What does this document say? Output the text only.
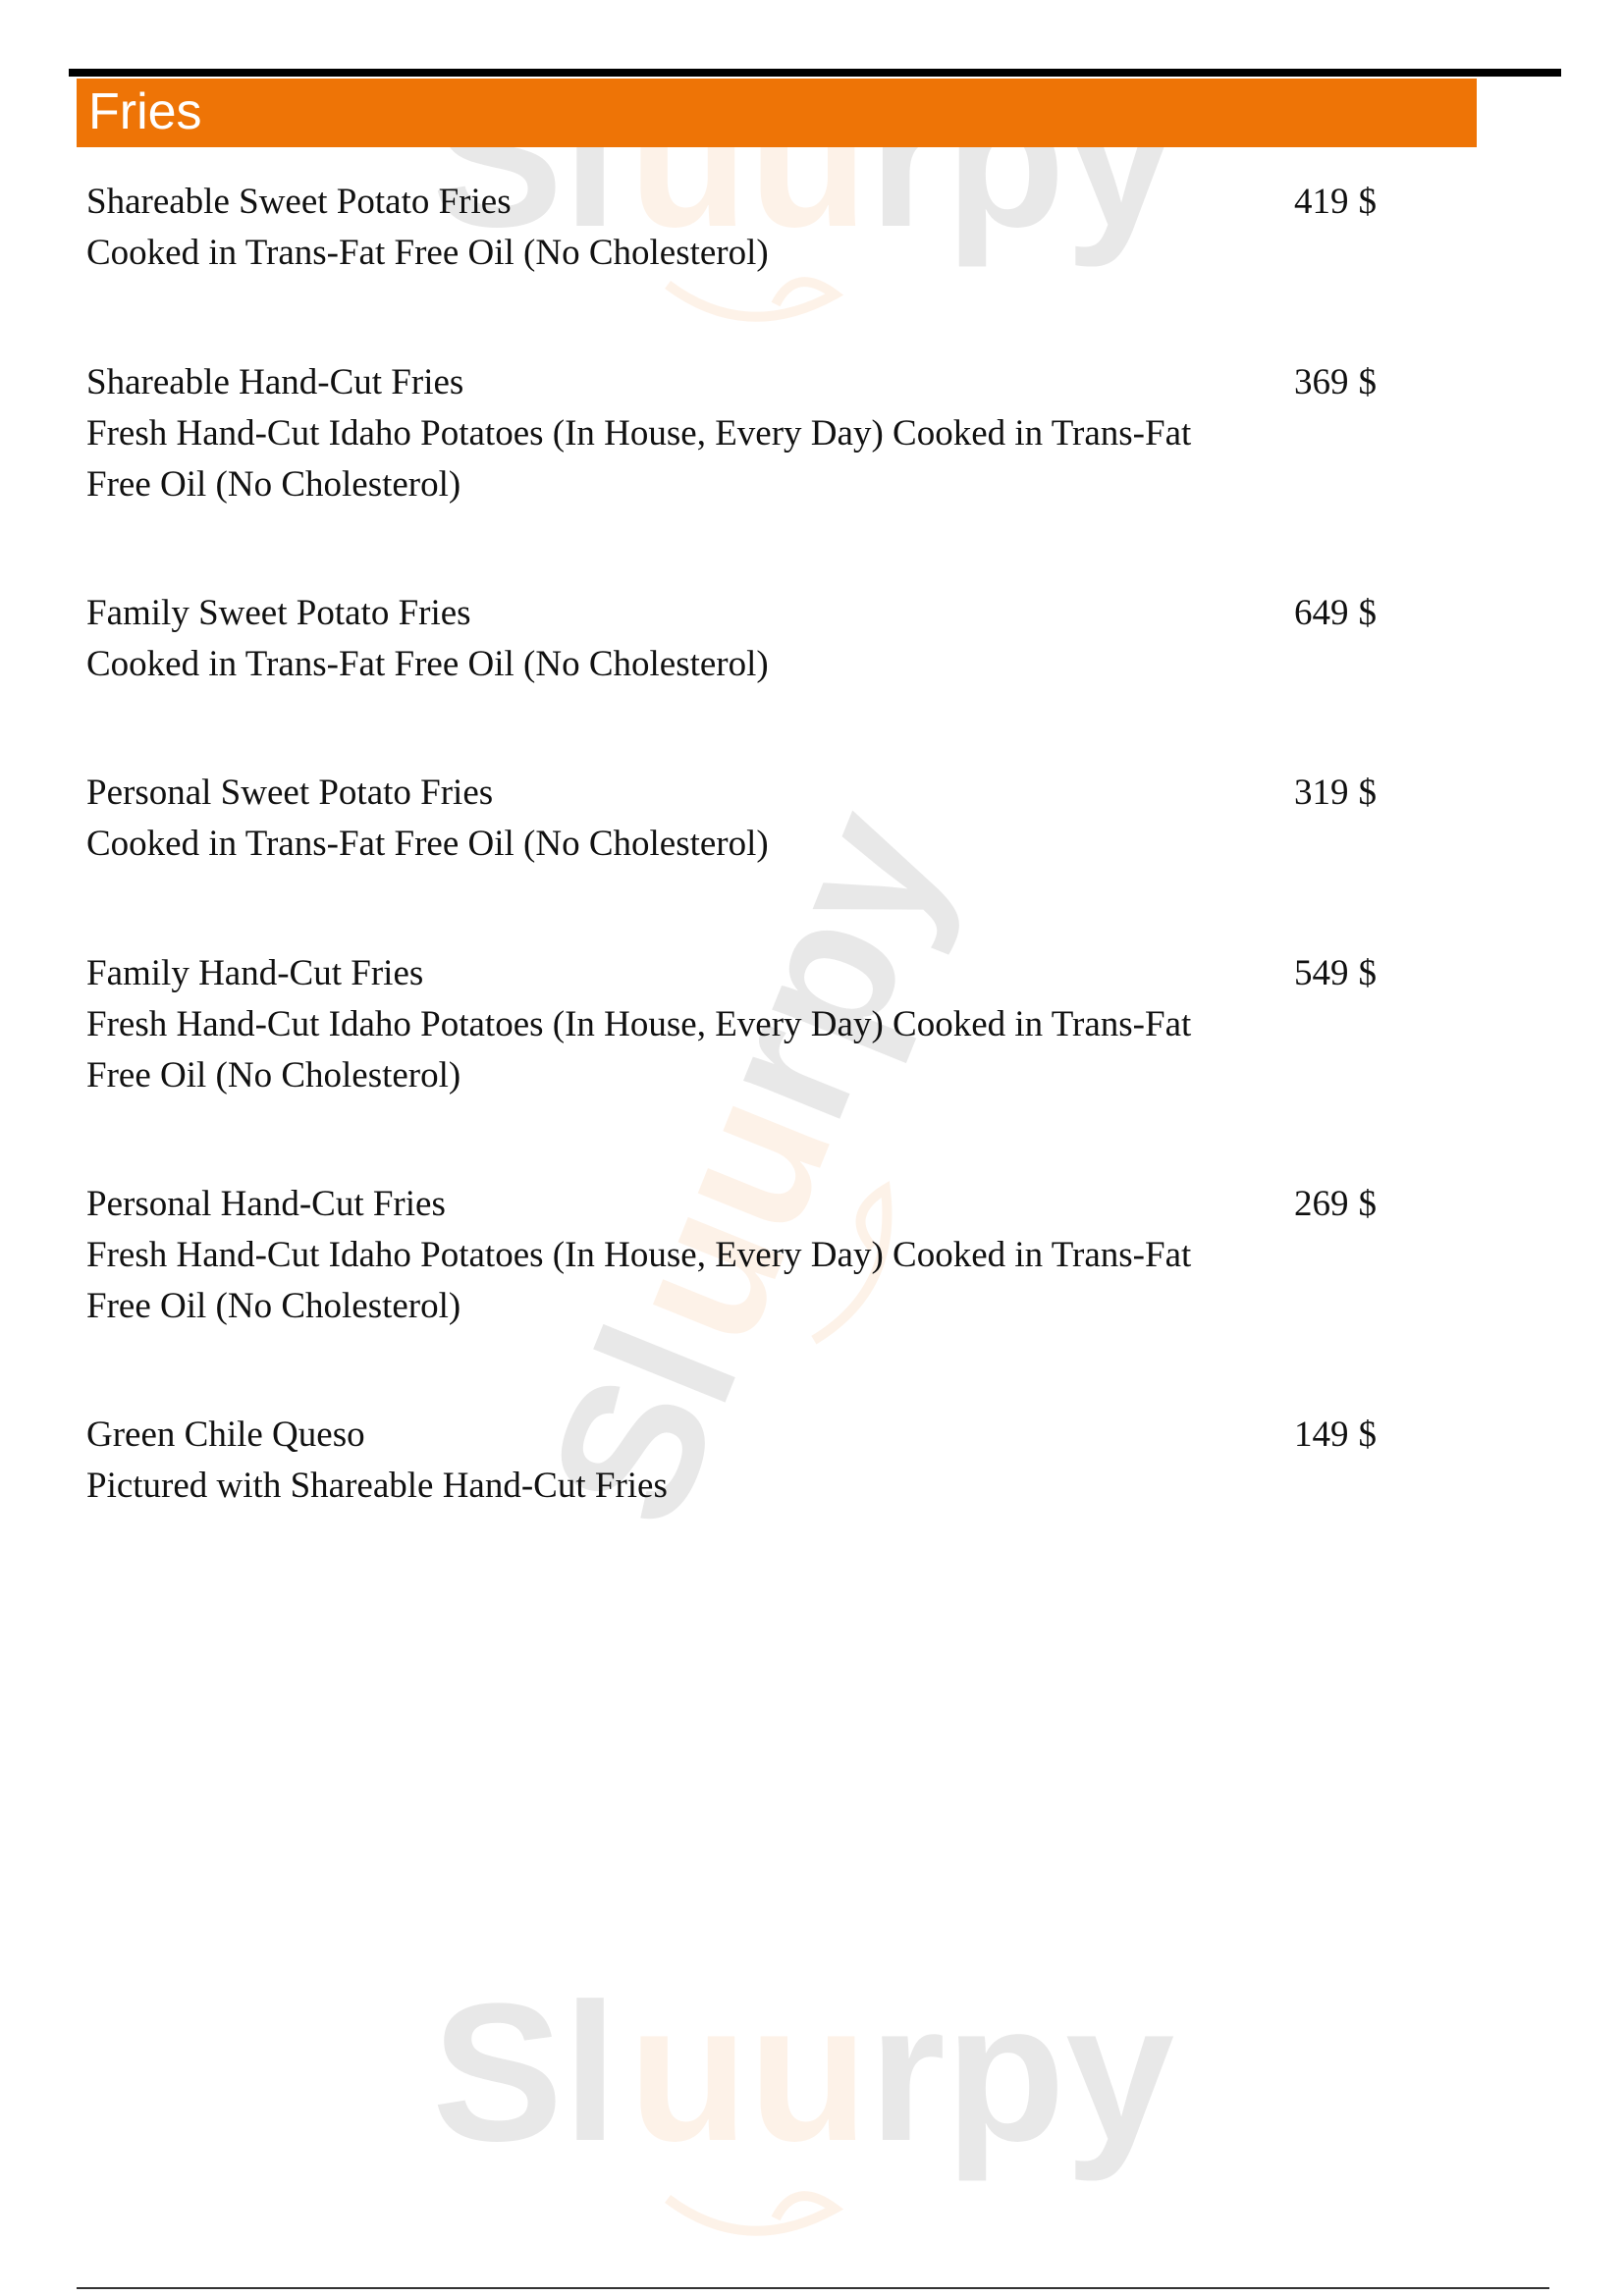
Sl uu rpy
Sl
uu
rpy
Sl uu rpy
Fries
Shareable Sweet Potato Fries
Cooked in Trans-Fat Free Oil (No Cholesterol)
419 $
Shareable Hand-Cut Fries
Fresh Hand-Cut Idaho Potatoes (In House, Every Day) Cooked in Trans-Fat Free Oil (No Cholesterol)
369 $
Family Sweet Potato Fries
Cooked in Trans-Fat Free Oil (No Cholesterol)
649 $
Personal Sweet Potato Fries
Cooked in Trans-Fat Free Oil (No Cholesterol)
319 $
Family Hand-Cut Fries
Fresh Hand-Cut Idaho Potatoes (In House, Every Day) Cooked in Trans-Fat Free Oil (No Cholesterol)
549 $
Personal Hand-Cut Fries
Fresh Hand-Cut Idaho Potatoes (In House, Every Day) Cooked in Trans-Fat Free Oil (No Cholesterol)
269 $
Green Chile Queso
Pictured with Shareable Hand-Cut Fries
149 $
